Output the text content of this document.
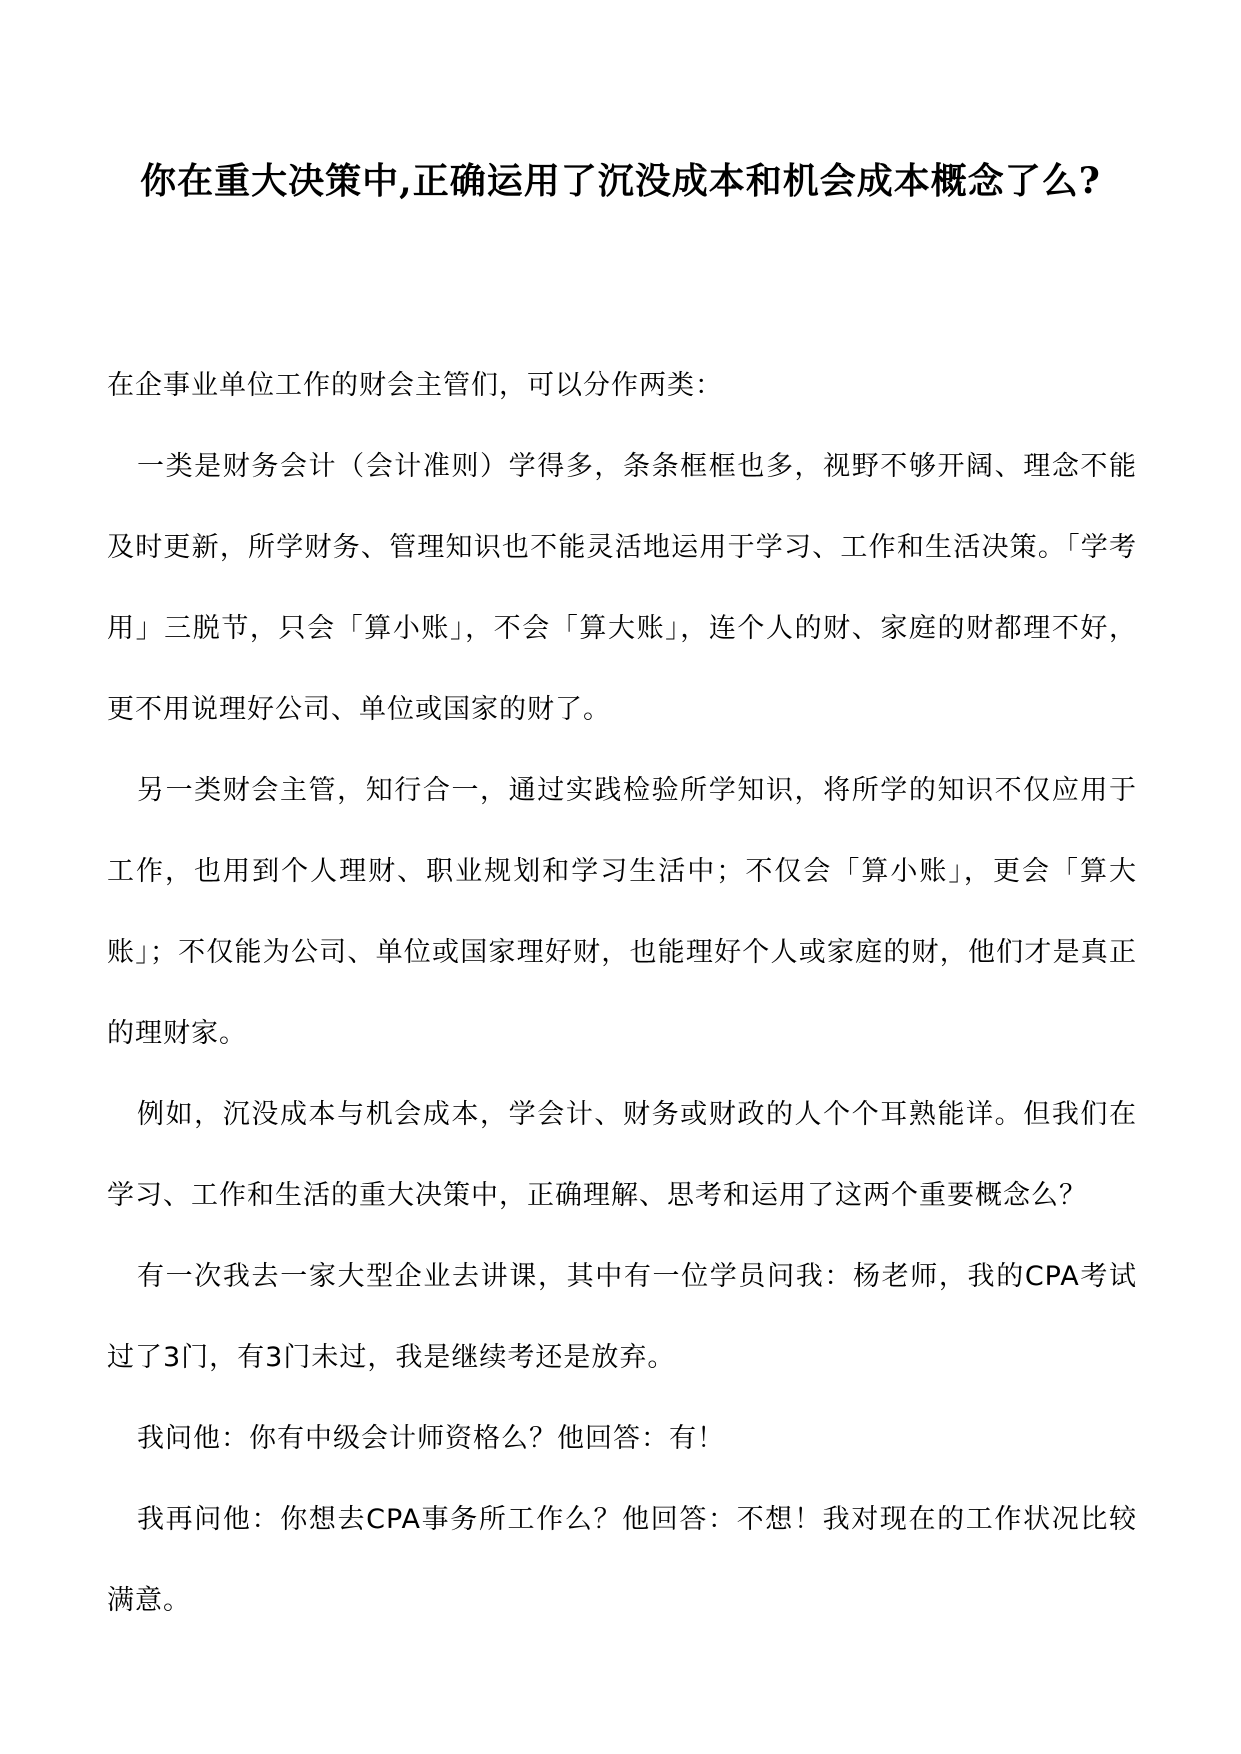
你在重大决策中,正确运用了沉没成本和机会成本概念了么?

在企事业单位工作的财会主管们，可以分作两类：

一类是财务会计（会计准则）学得多，条条框框也多，视野不够开阔、理念不能及时更新，所学财务、管理知识也不能灵活地运用于学习、工作和生活决策。「学考用」三脱节，只会「算小账」，不会「算大账」，连个人的财、家庭的财都理不好，更不用说理好公司、单位或国家的财了。

另一类财会主管，知行合一，通过实践检验所学知识，将所学的知识不仅应用于工作，也用到个人理财、职业规划和学习生活中；不仅会「算小账」，更会「算大账」；不仅能为公司、单位或国家理好财，也能理好个人或家庭的财，他们才是真正的理财家。

例如，沉没成本与机会成本，学会计、财务或财政的人个个耳熟能详。但我们在学习、工作和生活的重大决策中，正确理解、思考和运用了这两个重要概念么？

有一次我去一家大型企业去讲课，其中有一位学员问我：杨老师，我的CPA考试过了3门，有3门未过，我是继续考还是放弃。

我问他：你有中级会计师资格么？他回答：有！

我再问他：你想去CPA事务所工作么？他回答：不想！我对现在的工作状况比较满意。
